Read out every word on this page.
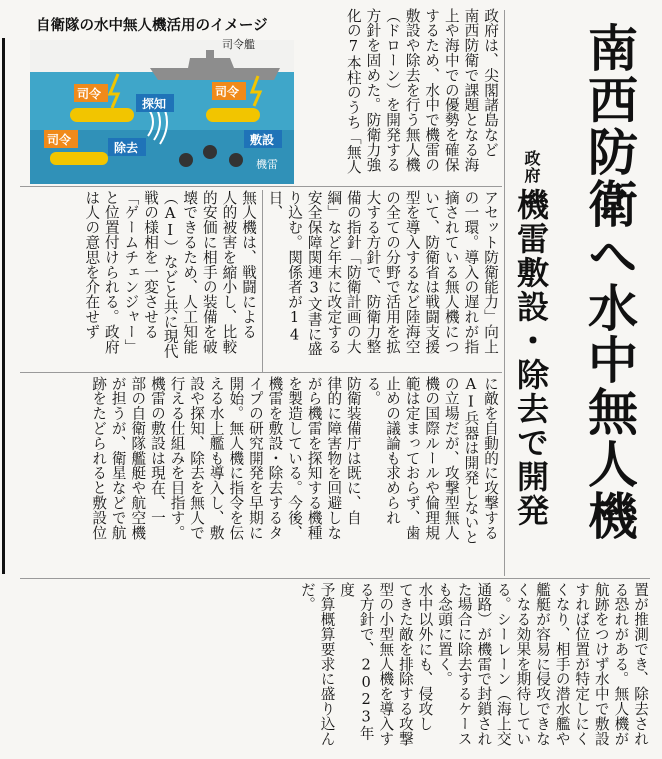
南西防衛へ水中無人機
政府
機雷敷設・除去で開発
自衛隊の水中無人機活用のイメージ
司令艦
司令	司令
司令
探知
除去
敷設
機雷
政府は、尖閣諸島など
南西防衛で課題となる海
上や海中での優勢を確保
するため、水中で機雷の
敷設や除去を行う無人機
（ドローン）を開発する
方針を固めた。防衛力強
化の7本柱のうち「無人
アセット防衛能力」向上
の一環。導入の遅れが指
摘されている無人機につ
いて、防衛省は戦闘支援
型を導入するなど陸海空
の全ての分野で活用を拡
大する方針で、防衛力整
備の指針「防衛計画の大
綱」など年末に改定する
安全保障関連3文書に盛
り込む。関係者が14日、

無人機は、戦闘による
人的被害を縮小し、比較
的安価に相手の装備を破
壊できるため、人工知能
（AI）などと共に現代
戦の様相を一変させる
「ゲームチェンジャー」
と位置付けられる。政府
は人の意思を介在せず
に敵を自動的に攻撃する
AI兵器は開発しないと
の立場だが、攻撃型無人
機の国際ルールや倫理規
範は定まっておらず、歯
止めの議論も求められ
る。
防衛装備庁は既に、自
律的に障害物を回避しな
がら機雷を探知する機種
を製造している。今後、
機雷を敷設・除去するタ
イプの研究開発を早期に
開始。無人機に指令を伝
える水上艦も導入し、敷
設や探知、除去を無人で
行える仕組みを目指す。
機雷の敷設は現在、一
部の自衛隊艦艇や航空機
が担うが、衛星などで航
跡をたどられると敷設位
置が推測でき、除去され
る恐れがある。無人機が
航跡をつけず水中で敷設
すれば位置が特定しにく
くなり、相手の潜水艦や
艦艇が容易に侵攻できな
くなる効果を期待してい
る。シーレーン（海上交
通路）が機雷で封鎖され
た場合に除去するケース
も念頭に置く。
水中以外にも、侵攻し
てきた敵を排除する攻撃
型の小型無人機を導入す
る方針で、2023年度
予算概算要求に盛り込ん
だ。
